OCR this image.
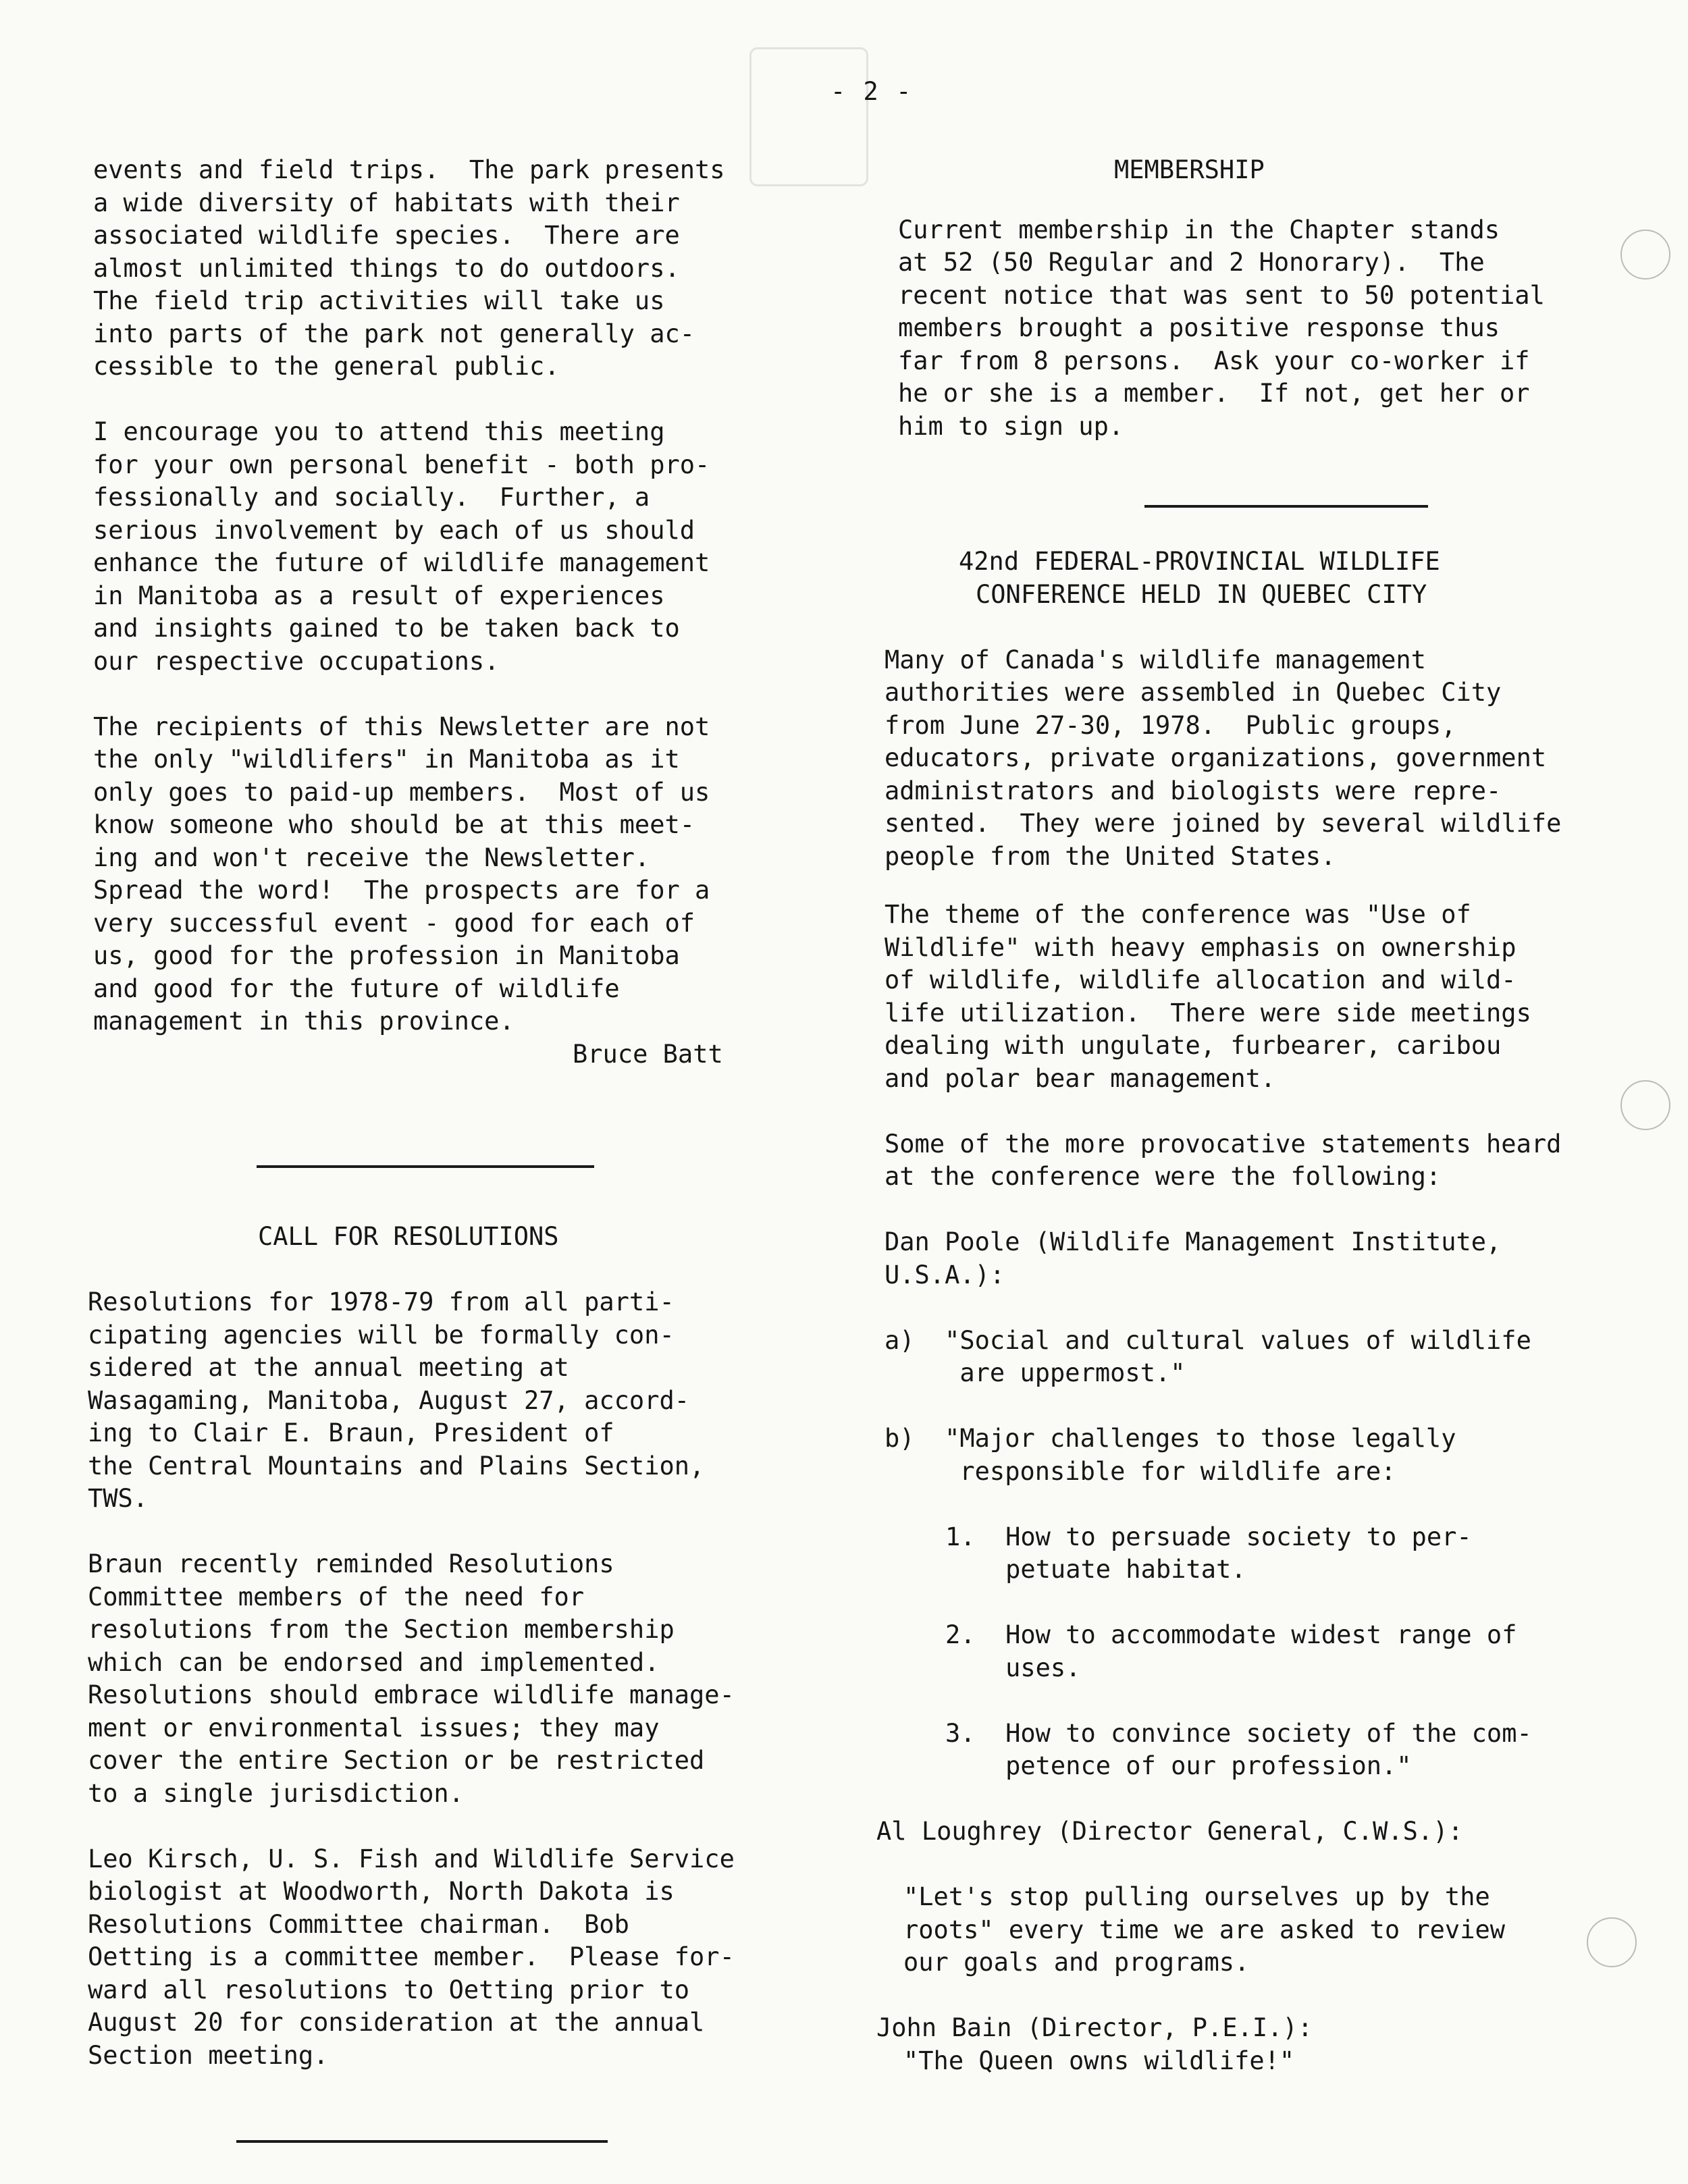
- 2 -

events and field trips.  The park presents

a wide diversity of habitats with their

associated wildlife species.  There are

almost unlimited things to do outdoors.

The field trip activities will take us

into parts of the park not generally ac-

cessible to the general public.

I encourage you to attend this meeting

for your own personal benefit - both pro-

fessionally and socially.  Further, a

serious involvement by each of us should

enhance the future of wildlife management

in Manitoba as a result of experiences

and insights gained to be taken back to

our respective occupations.

The recipients of this Newsletter are not

the only "wildlifers" in Manitoba as it

only goes to paid-up members.  Most of us

know someone who should be at this meet-

ing and won't receive the Newsletter.

Spread the word!  The prospects are for a

very successful event - good for each of

us, good for the profession in Manitoba

and good for the future of wildlife

management in this province.

Bruce Batt

CALL FOR RESOLUTIONS

Resolutions for 1978-79 from all parti-

cipating agencies will be formally con-

sidered at the annual meeting at

Wasagaming, Manitoba, August 27, accord-

ing to Clair E. Braun, President of

the Central Mountains and Plains Section,

TWS.

Braun recently reminded Resolutions

Committee members of the need for

resolutions from the Section membership

which can be endorsed and implemented.

Resolutions should embrace wildlife manage-

ment or environmental issues; they may

cover the entire Section or be restricted

to a single jurisdiction.

Leo Kirsch, U. S. Fish and Wildlife Service

biologist at Woodworth, North Dakota is

Resolutions Committee chairman.  Bob

Oetting is a committee member.  Please for-

ward all resolutions to Oetting prior to

August 20 for consideration at the annual

Section meeting.

MEMBERSHIP

Current membership in the Chapter stands

at 52 (50 Regular and 2 Honorary).  The

recent notice that was sent to 50 potential

members brought a positive response thus

far from 8 persons.  Ask your co-worker if

he or she is a member.  If not, get her or

him to sign up.

42nd FEDERAL-PROVINCIAL WILDLIFE

CONFERENCE HELD IN QUEBEC CITY

Many of Canada's wildlife management

authorities were assembled in Quebec City

from June 27-30, 1978.  Public groups,

educators, private organizations, government

administrators and biologists were repre-

sented.  They were joined by several wildlife

people from the United States.

The theme of the conference was "Use of

Wildlife" with heavy emphasis on ownership

of wildlife, wildlife allocation and wild-

life utilization.  There were side meetings

dealing with ungulate, furbearer, caribou

and polar bear management.

Some of the more provocative statements heard

at the conference were the following:

Dan Poole (Wildlife Management Institute,

U.S.A.):

a)  "Social and cultural values of wildlife

are uppermost."

b)  "Major challenges to those legally

responsible for wildlife are:

1.  How to persuade society to per-

petuate habitat.

2.  How to accommodate widest range of

uses.

3.  How to convince society of the com-

petence of our profession."

Al Loughrey (Director General, C.W.S.):

"Let's stop pulling ourselves up by the

roots" every time we are asked to review

our goals and programs.

John Bain (Director, P.E.I.):

"The Queen owns wildlife!"
